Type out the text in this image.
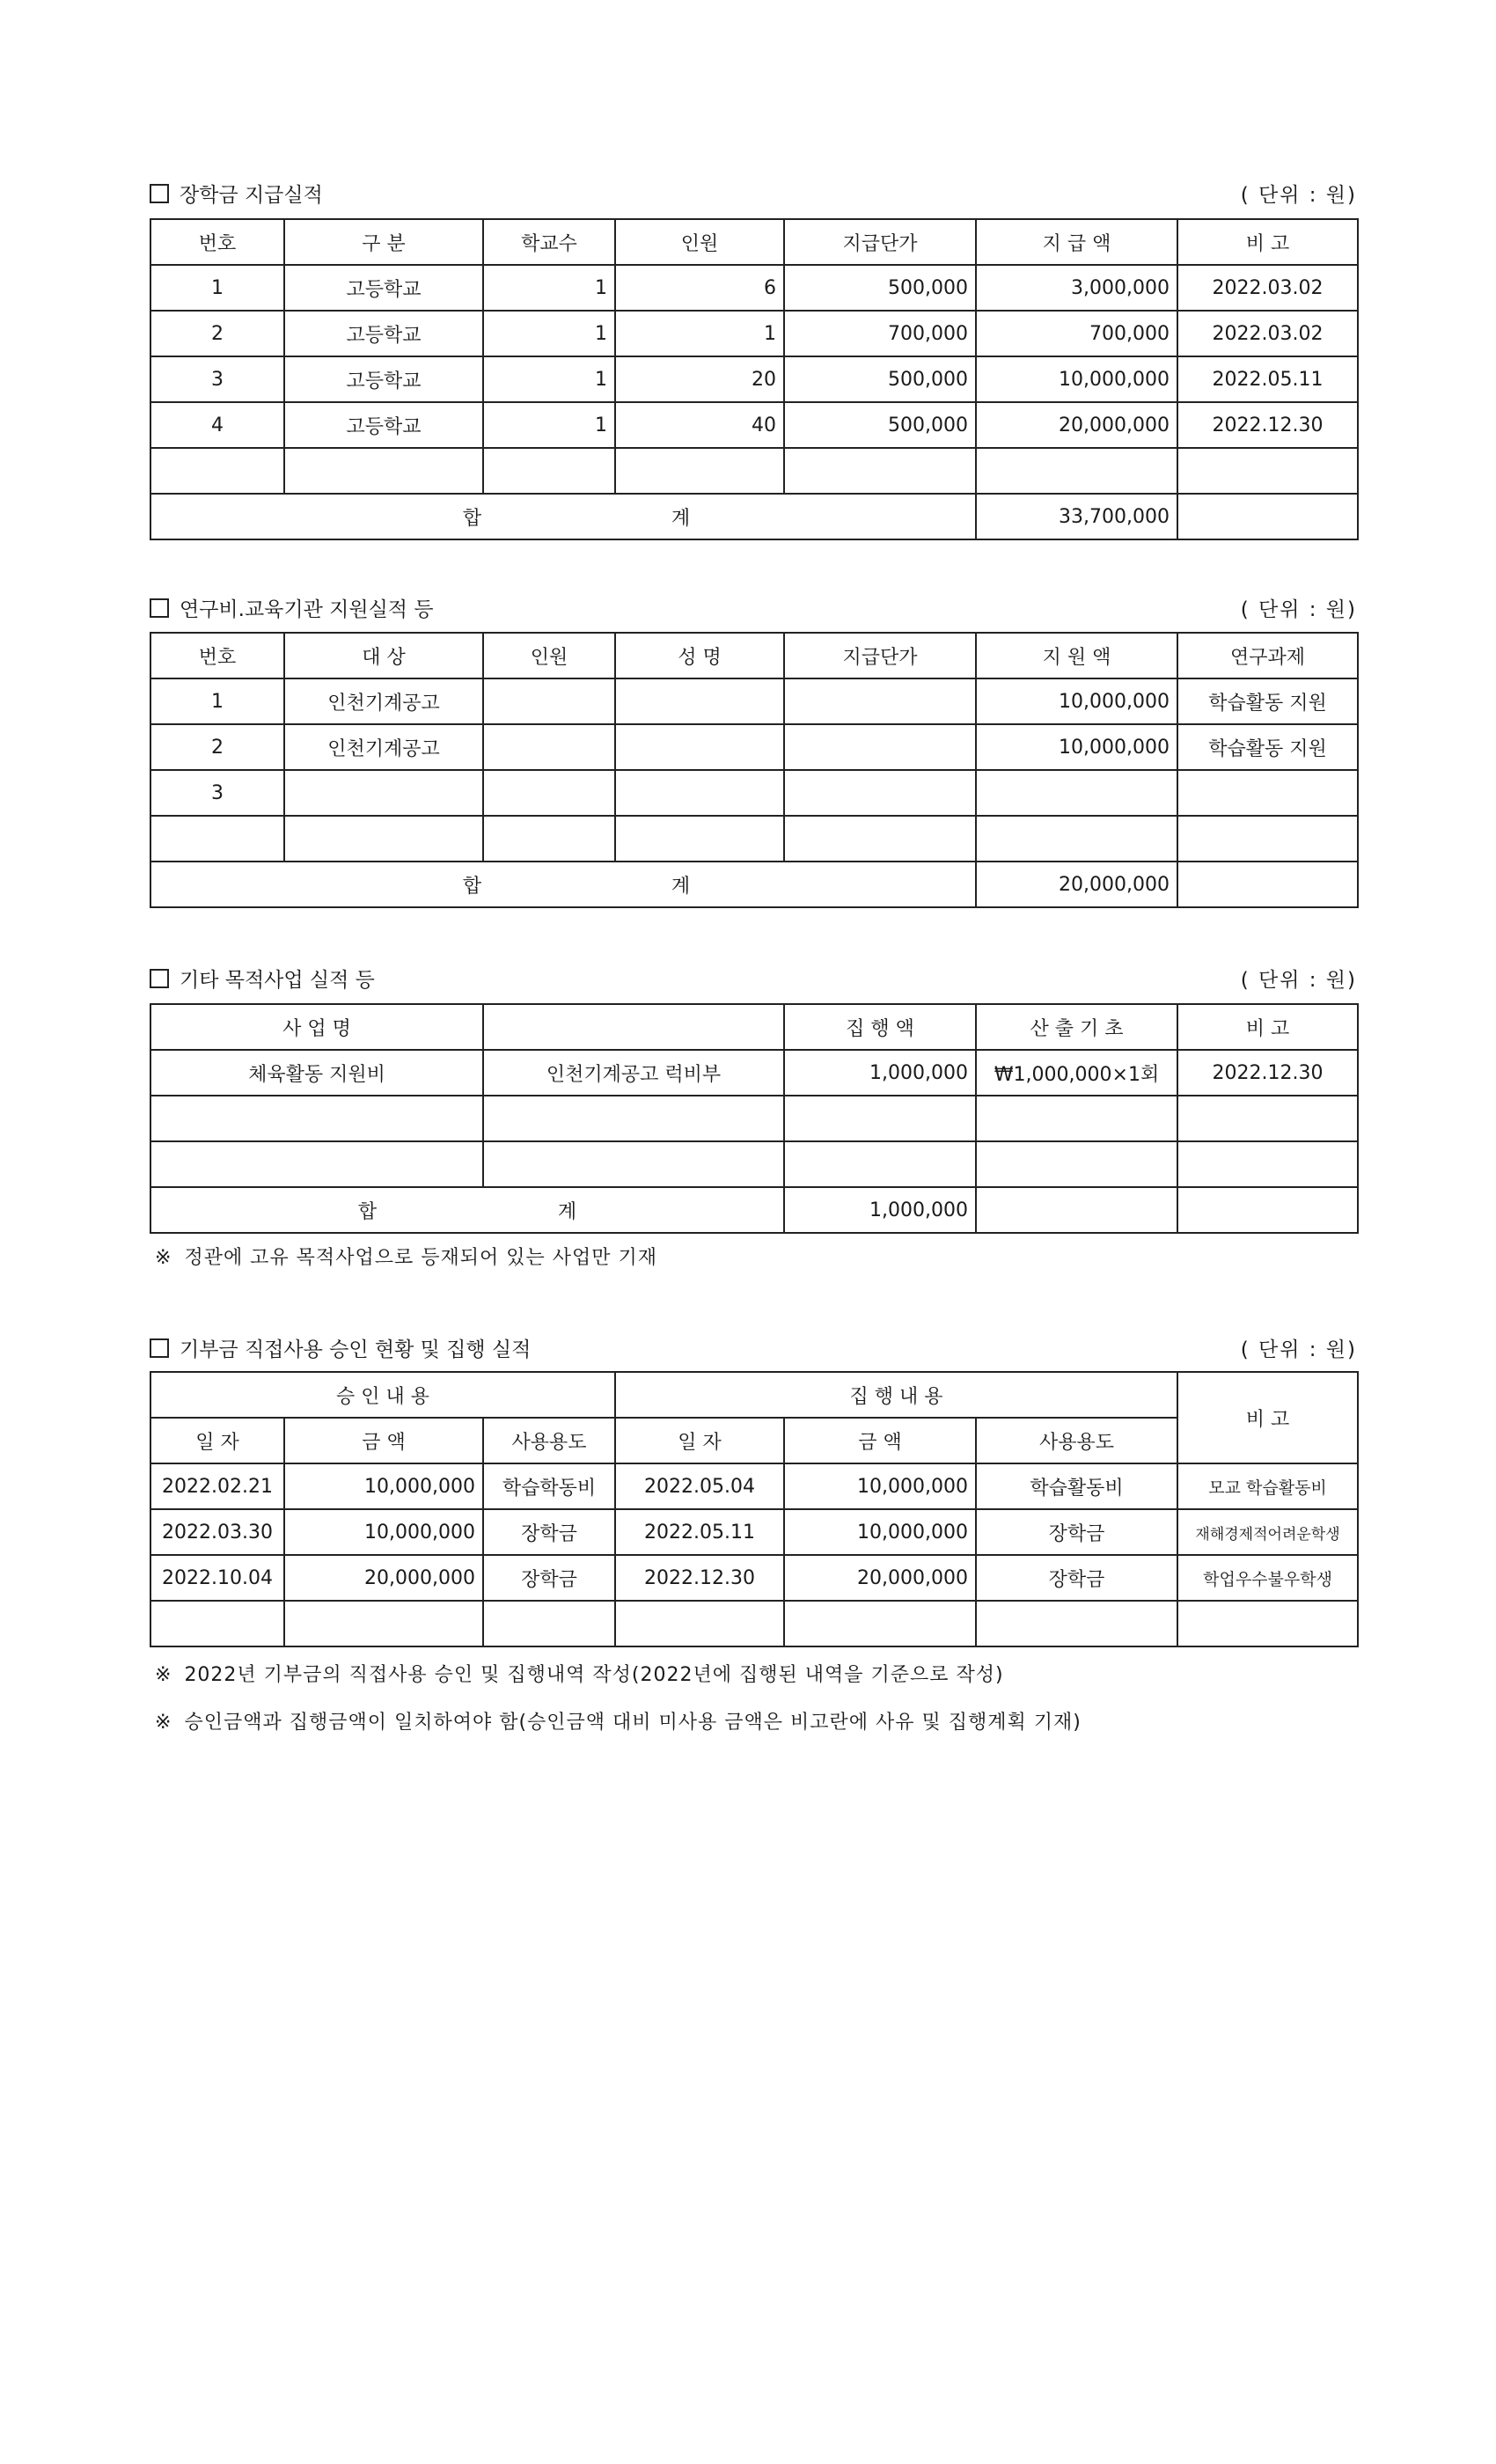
장학금 지급실적	( 단위 : 원)
번호	구 분	학교수	인원	지급단가	지 급 액	비 고
1	고등학교	1	6	500,000	3,000,000	2022.03.02
2	고등학교	1	1	700,000	700,000	2022.03.02
3	고등학교	1	20	500,000	10,000,000	2022.05.11
4	고등학교	1	40	500,000	20,000,000	2022.12.30

합 계					33,700,000	
연구비.교육기관 지원실적 등	( 단위 : 원)
번호	대 상	인원	성 명	지급단가	지 원 액	연구과제
1	인천기계공고				10,000,000	학습활동 지원
2	인천기계공고				10,000,000	학습활동 지원
3						

합 계					20,000,000	
기타 목적사업 실적 등	( 단위 : 원)
사 업 명		집 행 액	산 출 기 초	비 고
체육활동 지원비	인천기계공고 럭비부	1,000,000	₩1,000,000×1회	2022.12.30

합 계		1,000,000		
※ 정관에 고유 목적사업으로 등재되어 있는 사업만 기재
기부금 직접사용 승인 현황 및 집행 실적	( 단위 : 원)
승 인 내 용			집 행 내 용			비 고
일 자	금 액	사용용도	일 자	금 액	사용용도	
2022.02.21	10,000,000	학습학동비	2022.05.04	10,000,000	학습활동비	모교 학습활동비
2022.03.30	10,000,000	장학금	2022.05.11	10,000,000	장학금	재해경제적어려운학생
2022.10.04	20,000,000	장학금	2022.12.30	20,000,000	장학금	학업우수불우학생

※ 2022년 기부금의 직접사용 승인 및 집행내역 작성(2022년에 집행된 내역을 기준으로 작성)
※ 승인금액과 집행금액이 일치하여야 함(승인금액 대비 미사용 금액은 비고란에 사유 및 집행계획 기재)
